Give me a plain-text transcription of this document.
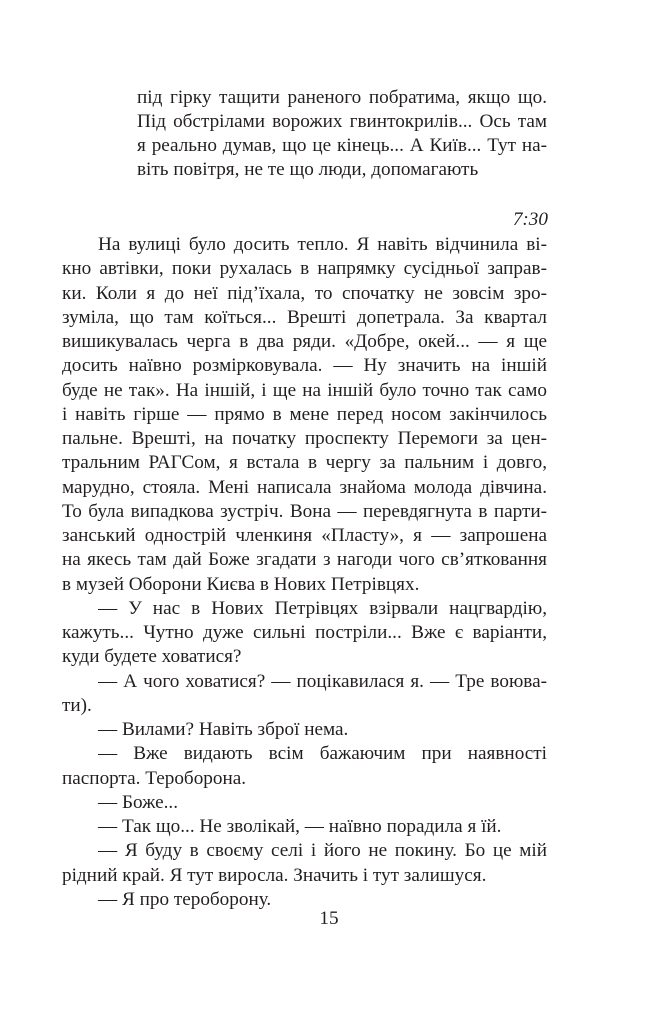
під гірку тащити раненого побратима, якщо що.
Під обстрілами ворожих гвинтокрилів... Ось там
я реально думав, що це кінець... А Київ... Тут на-
віть повітря, не те що люди, допомагають
7:30
На вулиці було досить тепло. Я навіть відчинила ві-
кно автівки, поки рухалась в напрямку сусідньої заправ-
ки. Коли я до неї під’їхала, то спочатку не зовсім зро-
зуміла, що там коїться... Врешті допетрала. За квартал
вишикувалась черга в два ряди. «Добре, окей... — я ще
досить наївно розмірковувала. — Ну значить на іншій
буде не так». На іншій, і ще на іншій було точно так само
і навіть гірше — прямо в мене перед носом закінчилось
пальне. Врешті, на початку проспекту Перемоги за цен-
тральним РАГСом, я встала в чергу за пальним і довго,
марудно, стояла. Мені написала знайома молода дівчина.
То була випадкова зустріч. Вона — перевдягнута в парти-
занський однострій членкиня «Пласту», я — запрошена
на якесь там дай Боже згадати з нагоди чого св’ятковання
в музей Оборони Києва в Нових Петрівцях.
— У нас в Нових Петрівцях взірвали нацгвардію,
кажуть... Чутно дуже сильні постріли... Вже є варіанти,
куди будете ховатися?
— А чого ховатися? — поцікавилася я. — Тре воюва-
ти).
— Вилами? Навіть зброї нема.
— Вже видають всім бажаючим при наявності
паспорта. Тероборона.
— Боже...
— Так що... Не зволікай, — наївно порадила я їй.
— Я буду в своєму селі і його не покину. Бо це мій
рідний край. Я тут виросла. Значить і тут залишуся.
— Я про тероборону.
15
